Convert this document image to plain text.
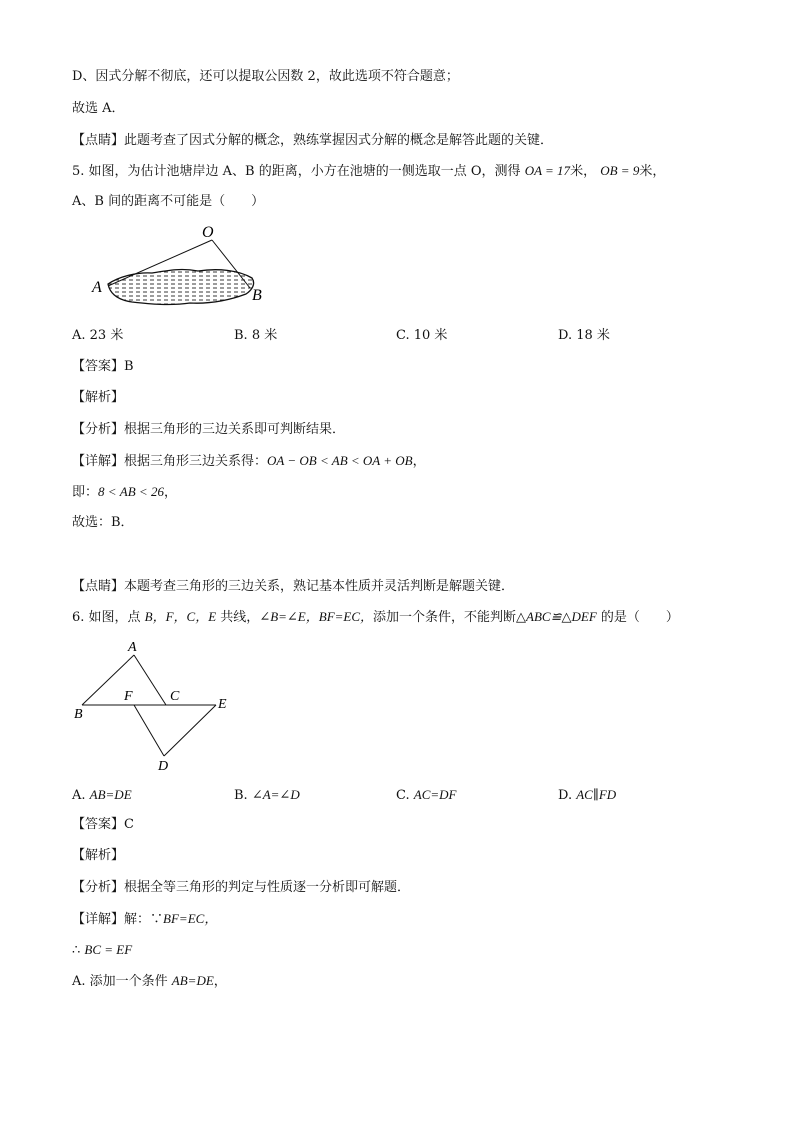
D、因式分解不彻底，还可以提取公因数 2，故此选项不符合题意；
故选 A．
【点睛】此题考查了因式分解的概念，熟练掌握因式分解的概念是解答此题的关键．
5. 如图，为估计池塘岸边 A、B 的距离，小方在池塘的一侧选取一点 O，测得 OA = 17米， OB = 9米，
A、B 间的距离不可能是（　　）
O
A	B
A. 23 米	B. 8 米	C. 10 米	D. 18 米
【答案】B
【解析】
【分析】根据三角形的三边关系即可判断结果．
【详解】根据三角形三边关系得：OA − OB < AB < OA + OB，
即：8 < AB < 26，
故选：B．
【点睛】本题考查三角形的三边关系，熟记基本性质并灵活判断是解题关键．
6. 如图，点 B，F，C，E 共线，∠B=∠E，BF=EC，添加一个条件，不能判断△ABC≌△DEF 的是（　　）
A
B
F	C
E
D
A. AB=DE	B. ∠A=∠D	C. AC=DF	D. AC∥FD
【答案】C
【解析】
【分析】根据全等三角形的判定与性质逐一分析即可解题．
【详解】解：∵BF=EC，
∴ BC = EF
A. 添加一个条件 AB=DE，
